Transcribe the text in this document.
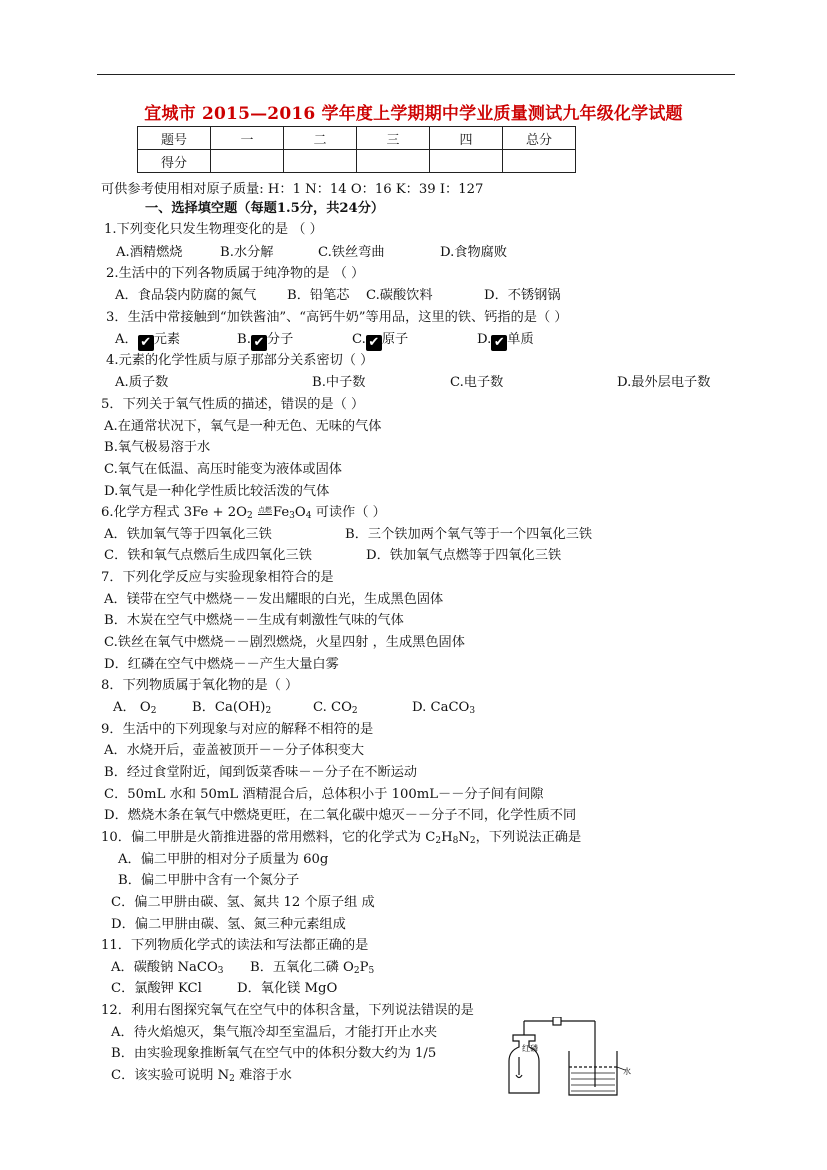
宜城市 2015—2016 学年度上学期期中学业质量测试九年级化学试题
题号	一	二	三	四	总分
得分					
可供参考使用相对原子质量: H：1 N：14 O：16 K：39 I：127
一、选择填空题（每题1.5分，共24分）
1.下列变化只发生物理变化的是 （ ）
A.酒精燃烧	B.水分解	C.铁丝弯曲	D.食物腐败
2.生活中的下列各物质属于纯净物的是 （ ）
A．食品袋内防腐的氮气 B．铅笔芯 C.碳酸饮料	D．不锈钢锅
3．生活中常接触到“加铁酱油”、“高钙牛奶”等用品，这里的铁、钙指的是（ ）
A． ✔ 元素	B. ✔ 分子	C. ✔ 原子	D. ✔ 单质
4.元素的化学性质与原子那部分关系密切（ ）
A.质子数	B.中子数	C.电子数	D.最外层电子数
5．下列关于氧气性质的描述，错误的是（ ）
A.在通常状况下，氧气是一种无色、无味的气体
B.氧气极易溶于水
C.氧气在低温、高压时能变为液体或固体
D.氧气是一种化学性质比较活泼的气体
6.化学方程式 $3Fe + 2O_2$ 点燃$Fe_3O_4$ 可读作（ ）
A．铁加氧气等于四氧化三铁	B．三个铁加两个氧气等于一个四氧化三铁
C．铁和氧气点燃后生成四氧化三铁	D．铁加氧气点燃等于四氧化三铁
7．下列化学反应与实验现象相符合的是
A．镁带在空气中燃烧－－发出耀眼的白光，生成黑色固体
B．木炭在空气中燃烧－－生成有刺激性气味的气体
C.铁丝在氧气中燃烧－－剧烈燃烧，火星四射 ，生成黑色固体
D．红磷在空气中燃烧－－产生大量白雾
8．下列物质属于氧化物的是（ ）
A． $O_2$	B．$Ca(OH)_2$	C. $CO_2$	D. CaCO$_3$
9．生活中的下列现象与对应的解释不相符的是
A．水烧开后，壶盖被顶开－－分子体积变大
B．经过食堂附近，闻到饭菜香味－－分子在不断运动
C．50mL 水和 50mL 酒精混合后，总体积小于 100mL－－分子间有间隙
D．燃烧木条在氧气中燃烧更旺，在二氧化碳中熄灭－－分子不同，化学性质不同
10．偏二甲肼是火箭推进器的常用燃料，它的化学式为 $C_2H_8N_2$，下列说法正确是
A．偏二甲肼的相对分子质量为 60g
B．偏二甲肼中含有一个氮分子
C．偏二甲肼由碳、氢、氮共 12 个原子组 成
D．偏二甲肼由碳、氢、氮三种元素组成
11．下列物质化学式的读法和写法都正确的是
A．碳酸钠 NaCO$_3$ B．五氧化二磷 $O_2P_5$
C．氯酸钾 KCl	D．氧化镁 MgO
12．利用右图探究氧气在空气中的体积含量，下列说法错误的是
A．待火焰熄灭，集气瓶冷却至室温后，才能打开止水夹
B．由实验现象推断氧气在空气中的体积分数大约为 1/5
C．该实验可说明 $N_2$ 难溶于水
红磷
水
